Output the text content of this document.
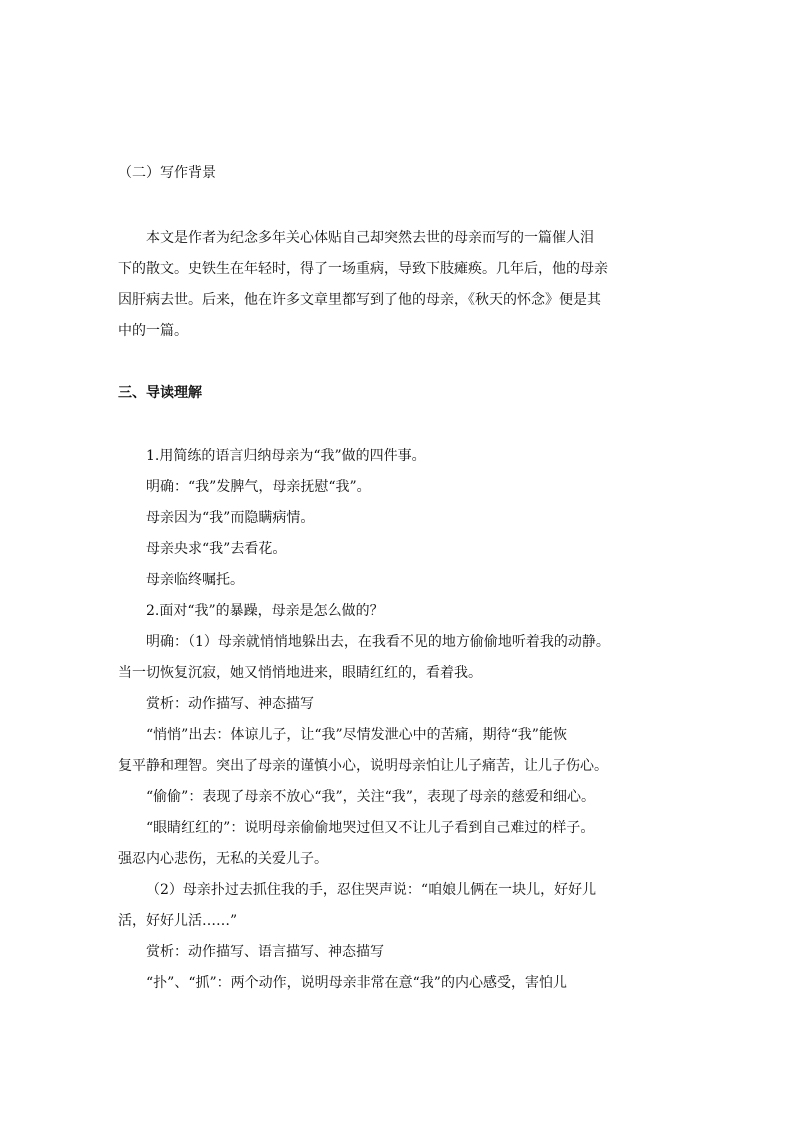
（二）写作背景
本文是作者为纪念多年关心体贴自己却突然去世的母亲而写的一篇催人泪
下的散文。史铁生在年轻时，得了一场重病，导致下肢瘫痪。几年后，他的母亲
因肝病去世。后来，他在许多文章里都写到了他的母亲，《秋天的怀念》便是其
中的一篇。
三、导读理解
1.用简练的语言归纳母亲为“我”做的四件事。
明确：“我”发脾气，母亲抚慰“我”。
母亲因为“我”而隐瞒病情。
母亲央求“我”去看花。
母亲临终嘱托。
2.面对“我”的暴躁，母亲是怎么做的？
明确：（1）母亲就悄悄地躲出去，在我看不见的地方偷偷地听着我的动静。
当一切恢复沉寂，她又悄悄地进来，眼睛红红的，看着我。
赏析：动作描写、神态描写
“悄悄”出去：体谅儿子，让“我”尽情发泄心中的苦痛，期待“我”能恢
复平静和理智。突出了母亲的谨慎小心，说明母亲怕让儿子痛苦，让儿子伤心。
“偷偷”：表现了母亲不放心“我”，关注“我”，表现了母亲的慈爱和细心。
“眼睛红红的”：说明母亲偷偷地哭过但又不让儿子看到自己难过的样子。
强忍内心悲伤，无私的关爱儿子。
（2）母亲扑过去抓住我的手，忍住哭声说：“咱娘儿俩在一块儿，好好儿
活，好好儿活……”
赏析：动作描写、语言描写、神态描写
“扑”、“抓”：两个动作，说明母亲非常在意“我”的内心感受，害怕儿
